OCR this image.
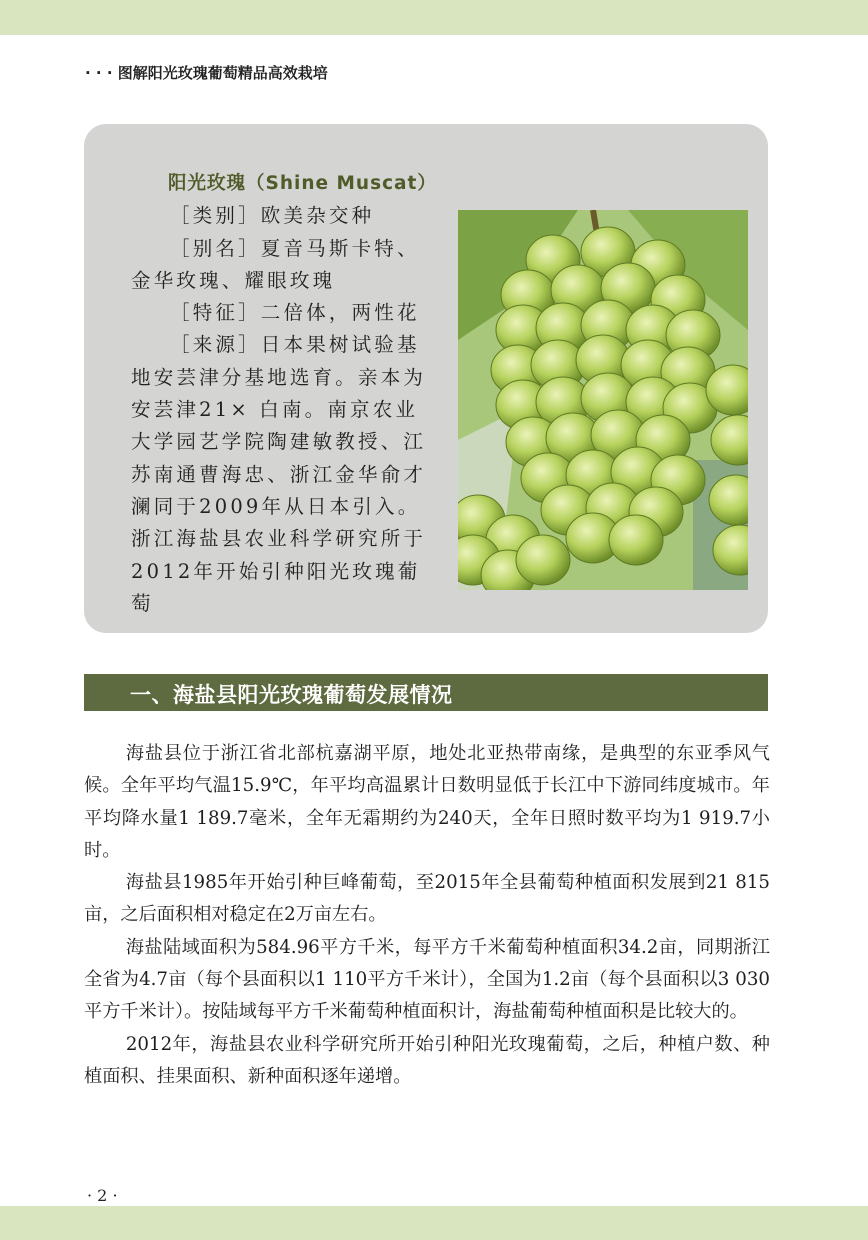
· · · 图解阳光玫瑰葡萄精品高效栽培

阳光玫瑰（Shine Muscat）

［类别］欧美杂交种

［别名］夏音马斯卡特、金华玫瑰、耀眼玫瑰

［特征］二倍体，两性花

［来源］日本果树试验基地安芸津分基地选育。亲本为安芸津21× 白南。南京农业大学园艺学院陶建敏教授、江苏南通曹海忠、浙江金华俞才澜同于2009年从日本引入。浙江海盐县农业科学研究所于2012年开始引种阳光玫瑰葡萄

一、海盐县阳光玫瑰葡萄发展情况

海盐县位于浙江省北部杭嘉湖平原，地处北亚热带南缘，是典型的东亚季风气候。全年平均气温15.9℃，年平均高温累计日数明显低于长江中下游同纬度城市。年平均降水量1 189.7毫米，全年无霜期约为240天，全年日照时数平均为1 919.7小时。

海盐县1985年开始引种巨峰葡萄，至2015年全县葡萄种植面积发展到21 815亩，之后面积相对稳定在2万亩左右。

海盐陆域面积为584.96平方千米，每平方千米葡萄种植面积34.2亩，同期浙江全省为4.7亩（每个县面积以1 110平方千米计），全国为1.2亩（每个县面积以3 030平方千米计）。按陆域每平方千米葡萄种植面积计，海盐葡萄种植面积是比较大的。

2012年，海盐县农业科学研究所开始引种阳光玫瑰葡萄，之后，种植户数、种植面积、挂果面积、新种面积逐年递增。

· 2 ·
